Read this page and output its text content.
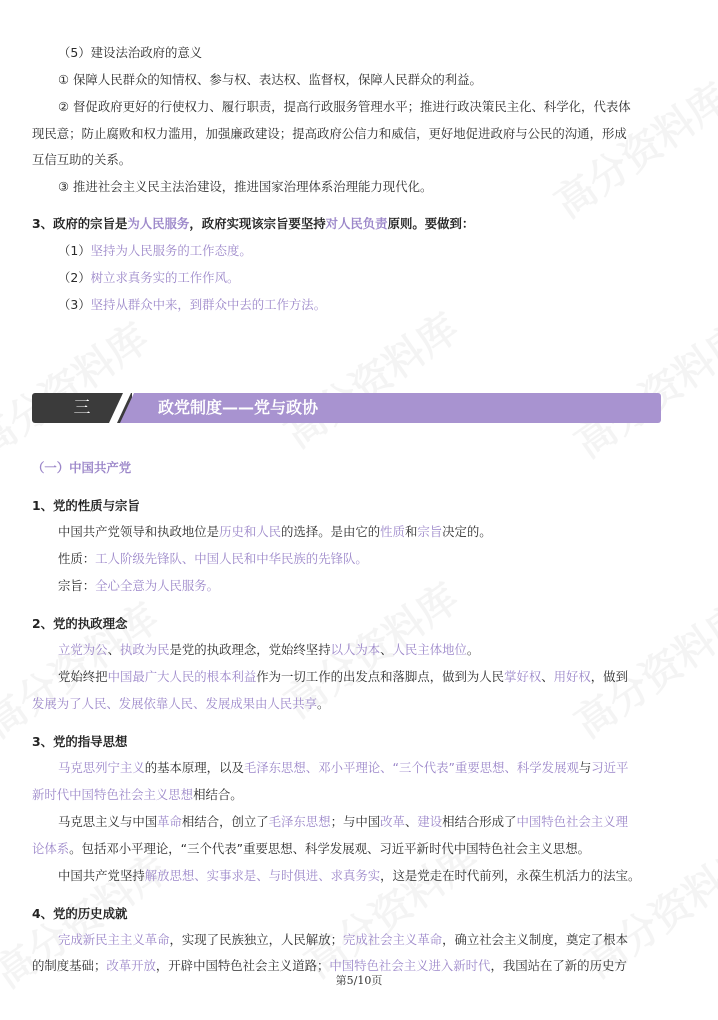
（5）建设法治政府的意义
① 保障人民群众的知情权、参与权、表达权、监督权，保障人民群众的利益。
② 督促政府更好的行使权力、履行职责，提高行政服务管理水平；推进行政决策民主化、科学化，代表体
现民意；防止腐败和权力滥用，加强廉政建设；提高政府公信力和威信，更好地促进政府与公民的沟通，形成
互信互助的关系。
③ 推进社会主义民主法治建设，推进国家治理体系治理能力现代化。
3、政府的宗旨是为人民服务，政府实现该宗旨要坚持对人民负责原则。要做到：
（1）坚持为人民服务的工作态度。
（2）树立求真务实的工作作风。
（3）坚持从群众中来，到群众中去的工作方法。
三	政党制度——党与政协
（一）中国共产党
1、党的性质与宗旨
中国共产党领导和执政地位是历史和人民的选择。是由它的性质和宗旨决定的。
性质：工人阶级先锋队、中国人民和中华民族的先锋队。
宗旨：全心全意为人民服务。
2、党的执政理念
立党为公、执政为民是党的执政理念，党始终坚持以人为本、人民主体地位。
党始终把中国最广大人民的根本利益作为一切工作的出发点和落脚点，做到为人民掌好权、用好权，做到
发展为了人民、发展依靠人民、发展成果由人民共享。
3、党的指导思想
马克思列宁主义的基本原理，以及毛泽东思想、邓小平理论、“三个代表”重要思想、科学发展观与习近平
新时代中国特色社会主义思想相结合。
马克思主义与中国革命相结合，创立了毛泽东思想；与中国改革、建设相结合形成了中国特色社会主义理
论体系。包括邓小平理论，“三个代表”重要思想、科学发展观、习近平新时代中国特色社会主义思想。
中国共产党坚持解放思想、实事求是、与时俱进、求真务实，这是党走在时代前列，永葆生机活力的法宝。
4、党的历史成就
完成新民主主义革命，实现了民族独立，人民解放；完成社会主义革命，确立社会主义制度，奠定了根本
的制度基础；改革开放，开辟中国特色社会主义道路；中国特色社会主义进入新时代，我国站在了新的历史方
第5/10页
